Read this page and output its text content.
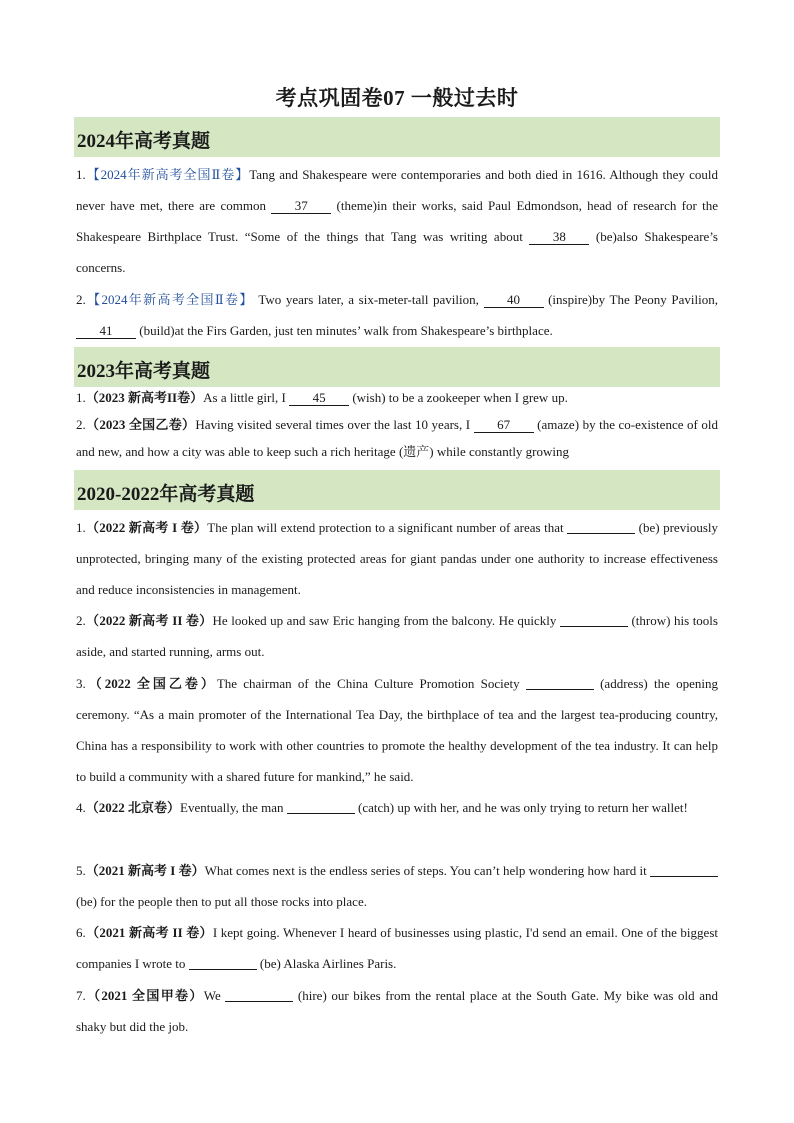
考点巩固卷07 一般过去时
2024年高考真题
1.【2024年新高考全国Ⅱ卷】Tang and Shakespeare were contemporaries and both died in 1616. Although they could never have met, there are common 37 (theme)in their works, said Paul Edmondson, head of research for the Shakespeare Birthplace Trust. “Some of the things that Tang was writing about 38 (be)also Shakespeare’s concerns.
2.【2024年新高考全国Ⅱ卷】 Two years later, a six-meter-tall pavilion, 40 (inspire)by The Peony Pavilion, 41 (build)at the Firs Garden, just ten minutes’ walk from Shakespeare’s birthplace.
2023年高考真题
1.（2023 新高考II卷）As a little girl, I 45 (wish) to be a zookeeper when I grew up.
2.（2023 全国乙卷）Having visited several times over the last 10 years, I 67 (amaze) by the co-existence of old and new, and how a city was able to keep such a rich heritage (遗产) while constantly growing
2020-2022年高考真题
1.（2022 新高考 I 卷）The plan will extend protection to a significant number of areas that	(be) previously unprotected, bringing many of the existing protected areas for giant pandas under one authority to increase effectiveness and reduce inconsistencies in management.
2.（2022 新高考 II 卷）He looked up and saw Eric hanging from the balcony. He quickly	(throw) his tools aside, and started running, arms out.
3.（2022 全国乙卷）The chairman of the China Culture Promotion Society	(address) the opening ceremony. “As a main promoter of the International Tea Day, the birthplace of tea and the largest tea-producing country, China has a responsibility to work with other countries to promote the healthy development of the tea industry. It can help to build a community with a shared future for mankind,” he said.
4.（2022 北京卷）Eventually, the man	(catch) up with her, and he was only trying to return her wallet!
5.（2021 新高考 I 卷）What comes next is the endless series of steps. You can’t help wondering how hard it  (be) for the people then to put all those rocks into place.
6.（2021 新高考 II 卷）I kept going. Whenever I heard of businesses using plastic, I'd send an email. One of the biggest companies I wrote to	(be) Alaska Airlines Paris.
7.（2021 全国甲卷）We	(hire) our bikes from the rental place at the South Gate. My bike was old and shaky but did the job.
